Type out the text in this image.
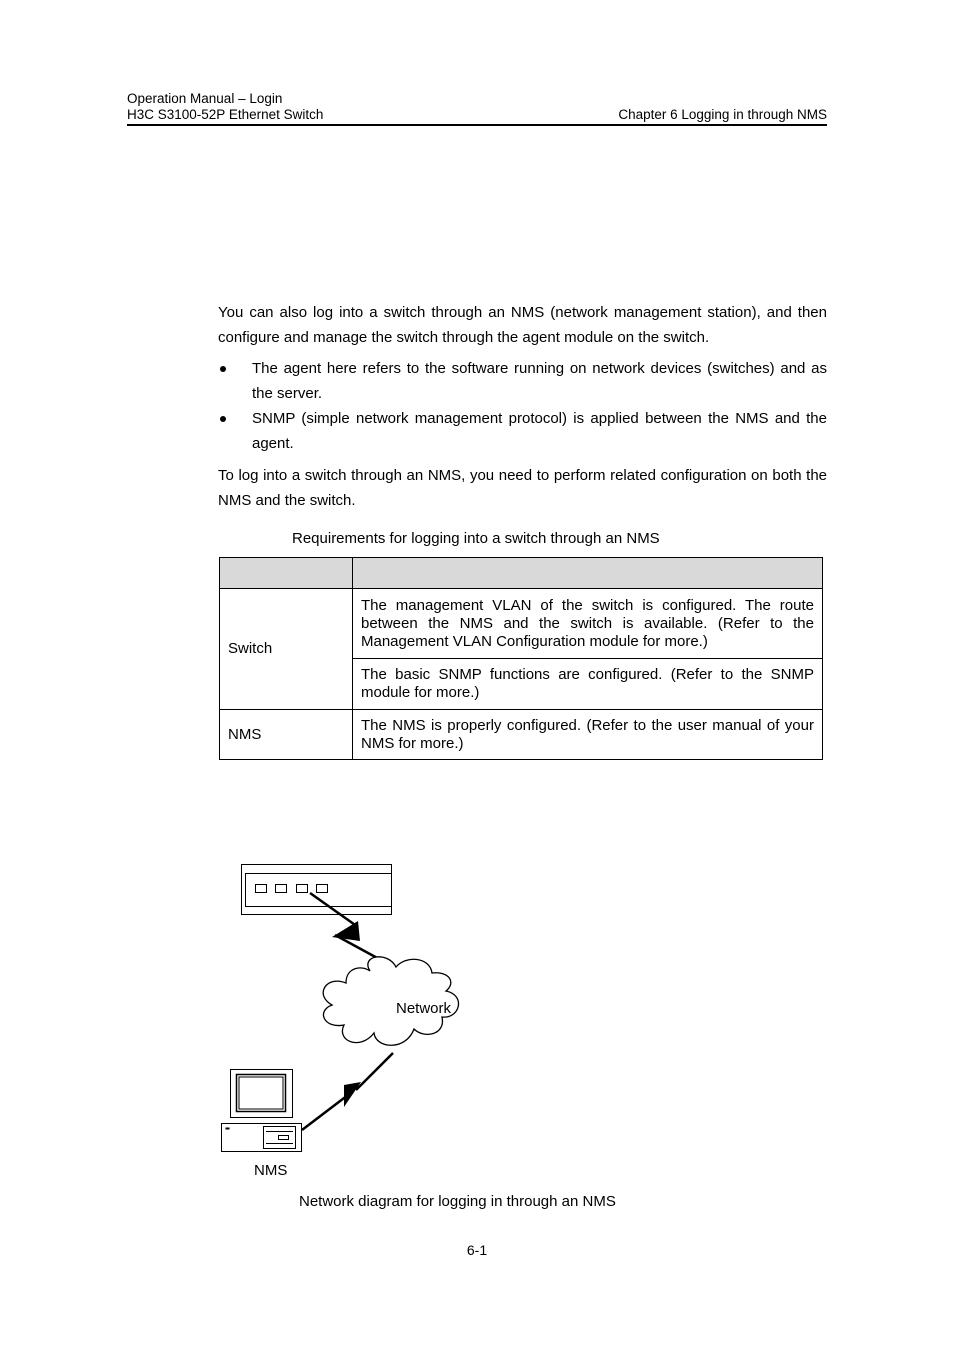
Operation Manual – Login
H3C S3100-52P Ethernet Switch	Chapter 6 Logging in through NMS
You can also log into a switch through an NMS (network management station), and then configure and manage the switch through the agent module on the switch.
The agent here refers to the software running on network devices (switches) and as the server.
SNMP (simple network management protocol) is applied between the NMS and the agent.
To log into a switch through an NMS, you need to perform related configuration on both the NMS and the switch.
Requirements for logging into a switch through an NMS

Switch	The management VLAN of the switch is configured. The route between the NMS and the switch is available. (Refer to the Management VLAN Configuration module for more.)
	The basic SNMP functions are configured. (Refer to the SNMP module for more.)
NMS	The NMS is properly configured. (Refer to the user manual of your NMS for more.)
Network
NMS
Network diagram for logging in through an NMS
6-1
